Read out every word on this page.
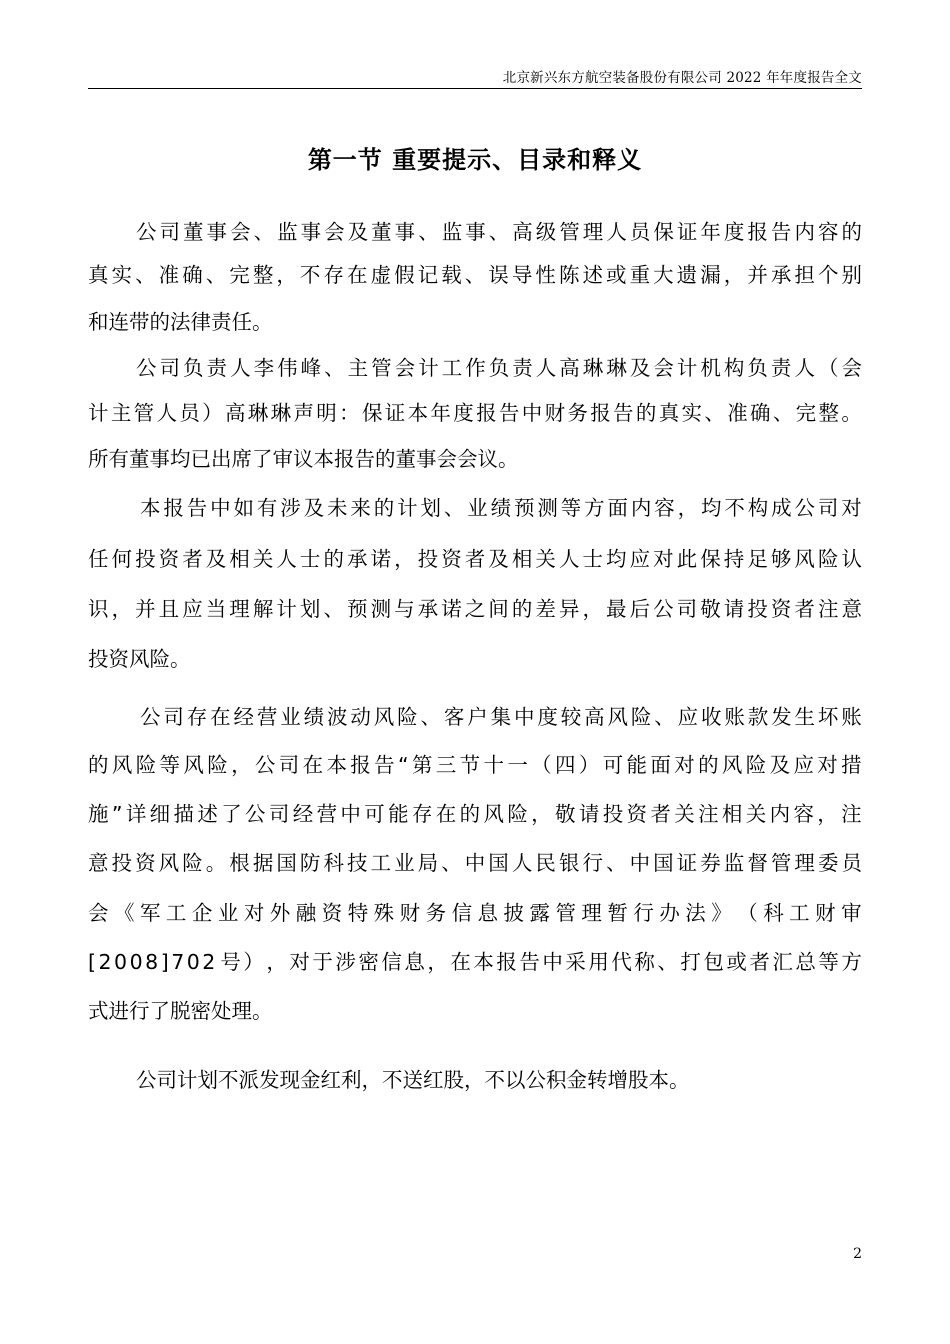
北京新兴东方航空装备股份有限公司 2022 年年度报告全文
第一节 重要提示、目录和释义
公 司 董 事 会 、 监 事 会 及 董 事 、 监 事 、 高 级 管 理 人 员 保 证 年 度 报 告 内 容 的
真 实 、 准 确 、 完 整 ， 不 存 在 虚 假 记 载 、 误 导 性 陈 述 或 重 大 遗 漏 ， 并 承 担 个 别
和连带的法律责任。
公 司 负 责 人 李 伟 峰 、 主 管 会 计 工 作 负 责 人 高 琳 琳 及 会 计 机 构 负 责 人 （ 会
计 主 管 人 员 ） 高 琳 琳 声 明 ： 保 证 本 年 度 报 告 中 财 务 报 告 的 真 实 、 准 确 、 完 整 。
所有董事均已出席了审议本报告的董事会会议。
本 报 告 中 如 有 涉 及 未 来 的 计 划 、 业 绩 预 测 等 方 面 内 容 ， 均 不 构 成 公 司 对
任 何 投 资 者 及 相 关 人 士 的 承 诺 ， 投 资 者 及 相 关 人 士 均 应 对 此 保 持 足 够 风 险 认
识 ， 并 且 应 当 理 解 计 划 、 预 测 与 承 诺 之 间 的 差 异 ， 最 后 公 司 敬 请 投 资 者 注 意
投资风险。
公 司 存 在 经 营 业 绩 波 动 风 险 、 客 户 集 中 度 较 高 风 险 、 应 收 账 款 发 生 坏 账
的 风 险 等 风 险 ， 公 司 在 本 报 告 “ 第 三 节 十 一 （ 四 ） 可 能 面 对 的 风 险 及 应 对 措
施 ” 详 细 描 述 了 公 司 经 营 中 可 能 存 在 的 风 险 ， 敬 请 投 资 者 关 注 相 关 内 容 ， 注
意 投 资 风 险 。 根 据 国 防 科 技 工 业 局 、 中 国 人 民 银 行 、 中 国 证 券 监 督 管 理 委 员
会 《 军 工 企 业 对 外 融 资 特 殊 财 务 信 息 披 露 管 理 暂 行 办 法 》 （ 科 工 财 审
[ 2 0 0 8 ] 7 0 2 号 ） ， 对 于 涉 密 信 息 ， 在 本 报 告 中 采 用 代 称 、 打 包 或 者 汇 总 等 方
式进行了脱密处理。
公司计划不派发现金红利，不送红股，不以公积金转增股本。
2
